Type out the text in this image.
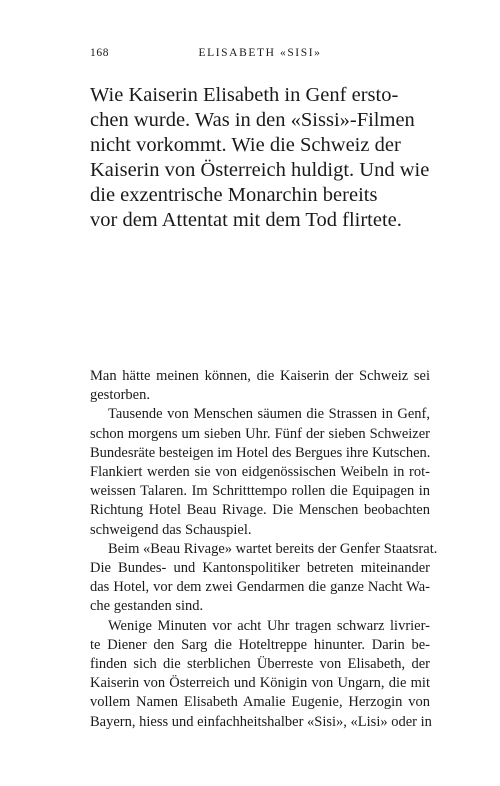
168	ELISABETH «SISI»
Wie Kaiserin Elisabeth in Genf ersto-
chen wurde. Was in den «Sissi»-Filmen
nicht vorkommt. Wie die Schweiz der
Kaiserin von Österreich huldigt. Und wie
die exzentrische Monarchin bereits
vor dem Attentat mit dem Tod flirtete.
Man hätte meinen können, die Kaiserin der Schweiz sei
gestorben.
Tausende von Menschen säumen die Strassen in Genf,
schon morgens um sieben Uhr. Fünf der sieben Schweizer
Bundesräte besteigen im Hotel des Bergues ihre Kutschen.
Flankiert werden sie von eidgenössischen Weibeln in rot-
weissen Talaren. Im Schritttempo rollen die Equipagen in
Richtung Hotel Beau Rivage. Die Menschen beobachten
schweigend das Schauspiel.
Beim «Beau Rivage» wartet bereits der Genfer Staatsrat.
Die Bundes- und Kantonspolitiker betreten miteinander
das Hotel, vor dem zwei Gendarmen die ganze Nacht Wa-
che gestanden sind.
Wenige Minuten vor acht Uhr tragen schwarz livrier-
te Diener den Sarg die Hoteltreppe hinunter. Darin be-
finden sich die sterblichen Überreste von Elisabeth, der
Kaiserin von Österreich und Königin von Ungarn, die mit
vollem Namen Elisabeth Amalie Eugenie, Herzogin von
Bayern, hiess und einfachheitshalber «Sisi», «Lisi» oder in
